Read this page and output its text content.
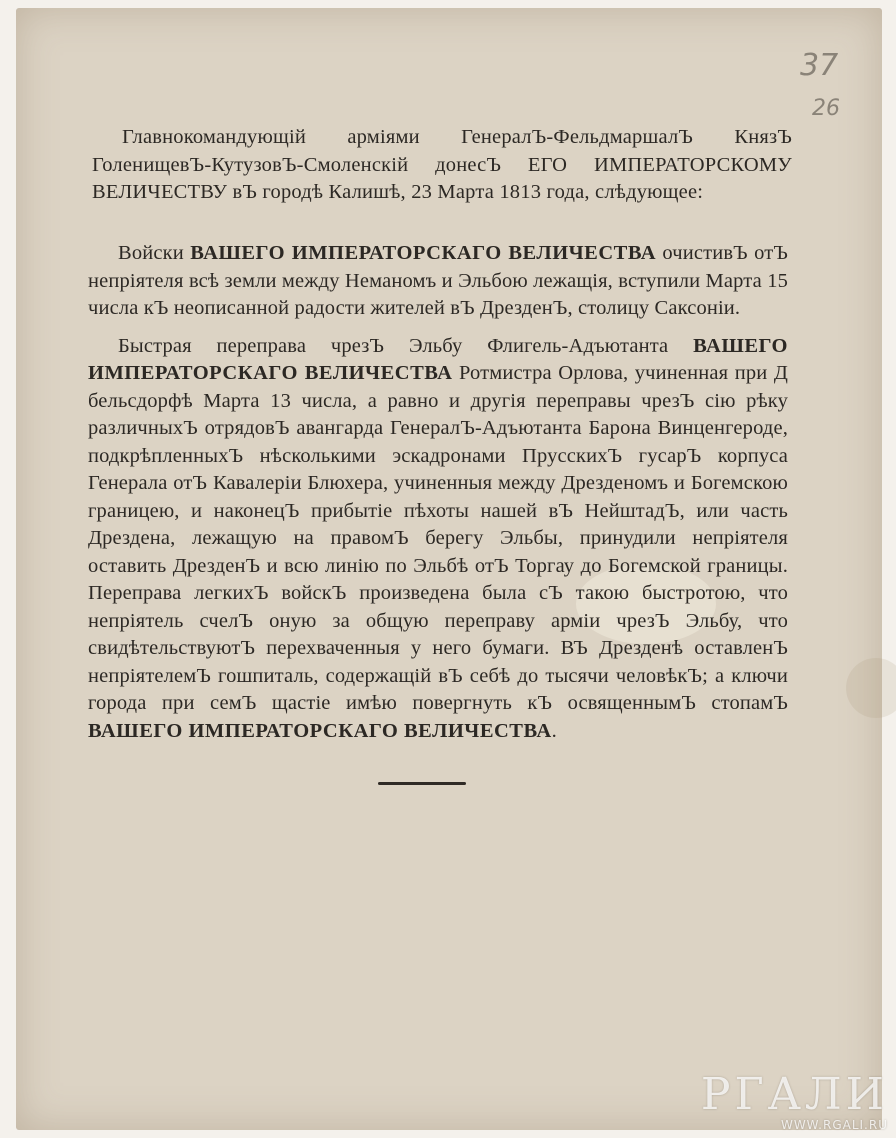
37
26
Главнокомандующій арміями ГенералЪ-ФельдмаршалЪ КнязЪ ГоленищевЪ-КутузовЪ-Смоленскій донесЪ ЕГО ИМПЕРАТОРСКОМУ ВЕЛИЧЕСТВУ вЪ городѣ Калишѣ, 23 Марта 1813 года, слѣдующее:

Войски ВАШЕГО ИМПЕРАТОРСКАГО ВЕЛИЧЕСТВА очистивЪ отЪ непріятеля всѣ земли между Неманомъ и Эльбою лежащія, вступили Марта 15 числа кЪ неописанной радости жителей вЪ ДрезденЪ, столицу Саксоніи.

Быстрая переправа чрезЪ Эльбу Флигель-Адъютанта ВАШЕГО ИМПЕРАТОРСКАГО ВЕЛИЧЕСТВА Ротмистра Орлова, учиненная при Д бельсдорфѣ Марта 13 числа, а равно и другія переправы чрезЪ сію рѣку различныхЪ отрядовЪ авангарда ГенералЪ-Адъютанта Барона Винценгероде, подкрѣпленныхЪ нѣсколькими эскадронами ПрусскихЪ гусарЪ корпуса Генерала отЪ Кавалеріи Блюхера, учиненныя между Дрезденомъ и Богемскою границею, и наконецЪ прибытіе пѣхоты нашей вЪ НейштадЪ, или часть Дрездена, лежащую на правомЪ берегу Эльбы, принудили непріятеля оставить ДрезденЪ и всю линію по Эльбѣ отЪ Торгау до Богемской границы. Переправа легкихЪ войскЪ произведена была сЪ такою быстротою, что непріятель счелЪ оную за общую переправу арміи чрезЪ Эльбу, что свидѣтельствуютЪ перехваченныя у него бумаги. ВЪ Дрезденѣ оставленЪ непріятелемЪ гошпиталь, содержащій вЪ себѣ до тысячи человѣкЪ; а ключи города при семЪ щастіе имѣю повергнуть кЪ освященнымЪ стопамЪ ВАШЕГО ИМПЕРАТОРСКАГО ВЕЛИЧЕСТВА.

РГАЛИ
WWW.RGALI.RU
